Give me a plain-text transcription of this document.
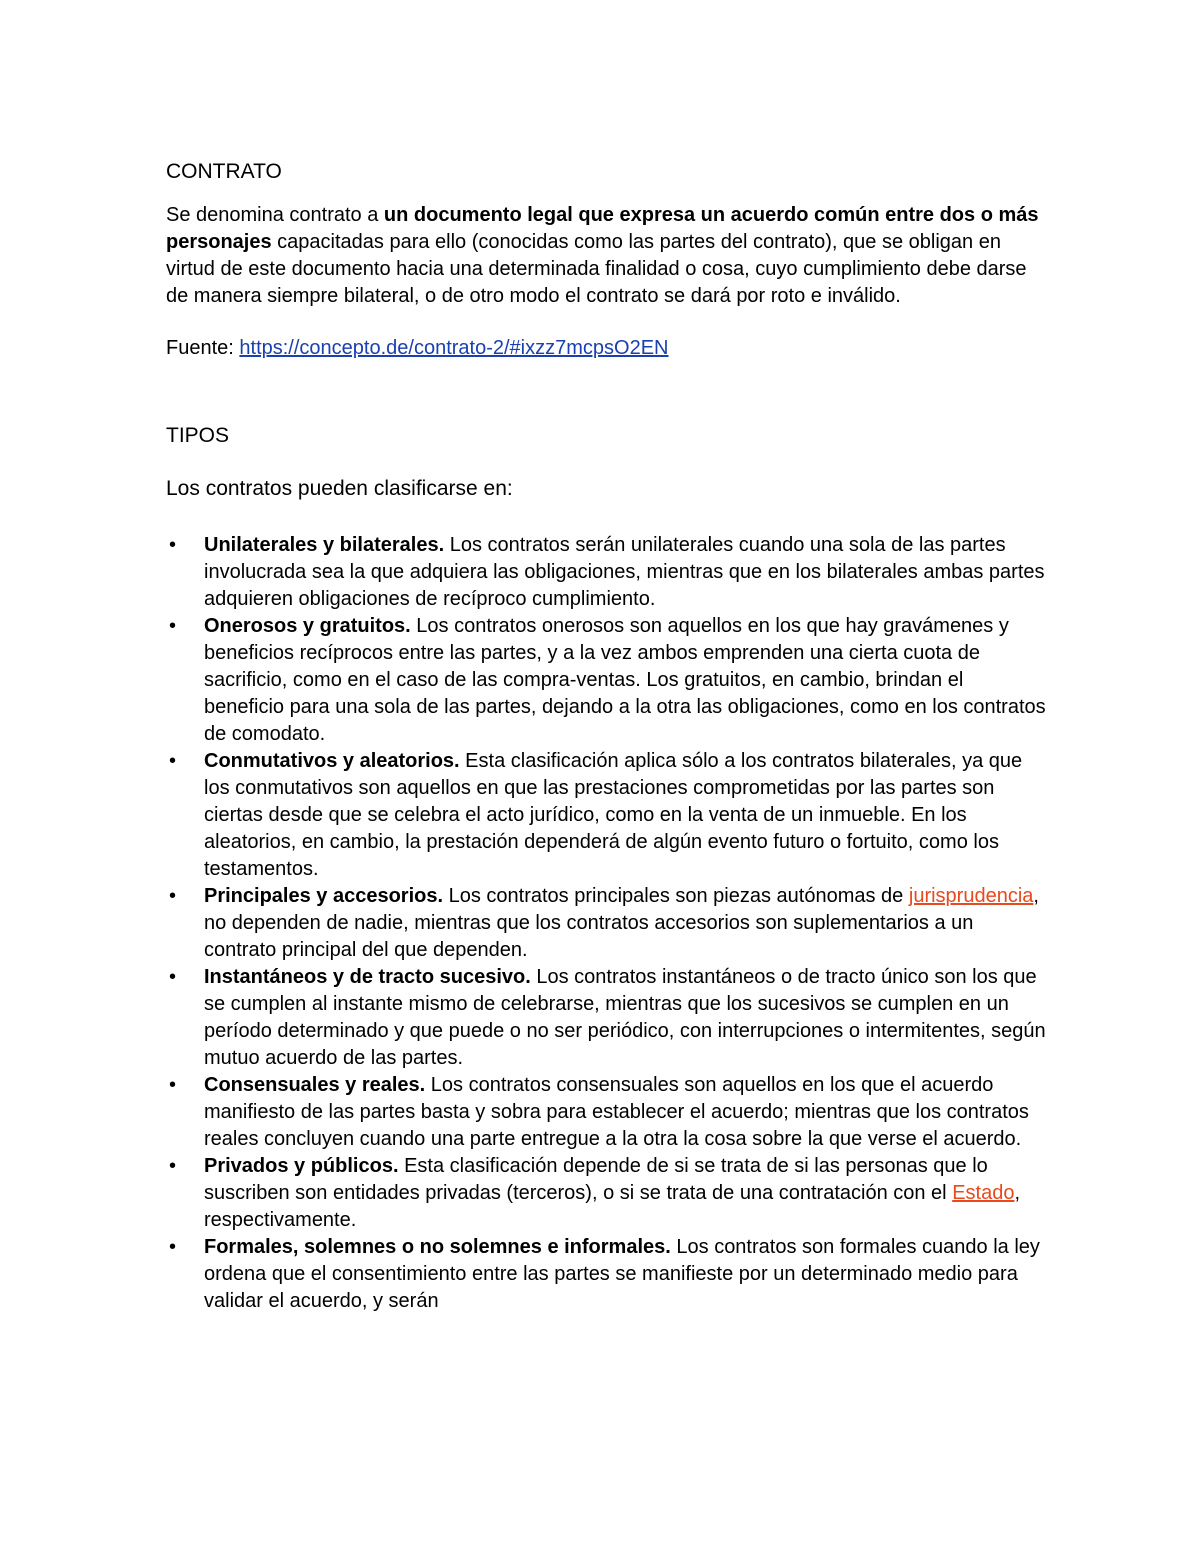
CONTRATO

Se denomina contrato a un documento legal que expresa un acuerdo común entre dos o más personajes capacitadas para ello (conocidas como las partes del contrato), que se obligan en virtud de este documento hacia una determinada finalidad o cosa, cuyo cumplimiento debe darse de manera siempre bilateral, o de otro modo el contrato se dará por roto e inválido.

Fuente: https://concepto.de/contrato-2/#ixzz7mcpsO2EN

TIPOS

Los contratos pueden clasificarse en:

• Unilaterales y bilaterales. Los contratos serán unilaterales cuando una sola de las partes involucrada sea la que adquiera las obligaciones, mientras que en los bilaterales ambas partes adquieren obligaciones de recíproco cumplimiento.
• Onerosos y gratuitos. Los contratos onerosos son aquellos en los que hay gravámenes y beneficios recíprocos entre las partes, y a la vez ambos emprenden una cierta cuota de sacrificio, como en el caso de las compra-ventas. Los gratuitos, en cambio, brindan el beneficio para una sola de las partes, dejando a la otra las obligaciones, como en los contratos de comodato.
• Conmutativos y aleatorios. Esta clasificación aplica sólo a los contratos bilaterales, ya que los conmutativos son aquellos en que las prestaciones comprometidas por las partes son ciertas desde que se celebra el acto jurídico, como en la venta de un inmueble. En los aleatorios, en cambio, la prestación dependerá de algún evento futuro o fortuito, como los testamentos.
• Principales y accesorios. Los contratos principales son piezas autónomas de jurisprudencia, no dependen de nadie, mientras que los contratos accesorios son suplementarios a un contrato principal del que dependen.
• Instantáneos y de tracto sucesivo. Los contratos instantáneos o de tracto único son los que se cumplen al instante mismo de celebrarse, mientras que los sucesivos se cumplen en un período determinado y que puede o no ser periódico, con interrupciones o intermitentes, según mutuo acuerdo de las partes.
• Consensuales y reales. Los contratos consensuales son aquellos en los que el acuerdo manifiesto de las partes basta y sobra para establecer el acuerdo; mientras que los contratos reales concluyen cuando una parte entregue a la otra la cosa sobre la que verse el acuerdo.
• Privados y públicos. Esta clasificación depende de si se trata de si las personas que lo suscriben son entidades privadas (terceros), o si se trata de una contratación con el Estado, respectivamente.
• Formales, solemnes o no solemnes e informales. Los contratos son formales cuando la ley ordena que el consentimiento entre las partes se manifieste por un determinado medio para validar el acuerdo, y serán
